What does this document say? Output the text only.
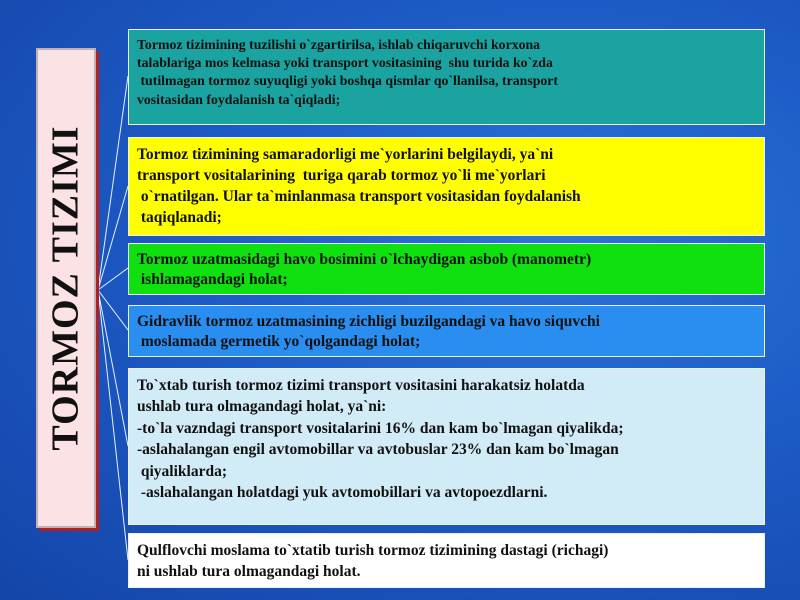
TORMOZ TIZIMI
Tormoz tizimining tuzilishi o`zgartirilsa, ishlab chiqaruvchi korxona
talablariga mos kelmasa yoki transport vositasining  shu turida ko`zda
tutilmagan tormoz suyuqligi yoki boshqa qismlar qo`llanilsa, transport
vositasidan foydalanish ta`qiqladi;
Tormoz tizimining samaradorligi me`yorlarini belgilaydi, ya`ni
transport vositalarining  turiga qarab tormoz yo`li me`yorlari
o`rnatilgan. Ular ta`minlanmasa transport vositasidan foydalanish
taqiqlanadi;
Tormoz uzatmasidagi havo bosimini o`lchaydigan asbob (manometr)
ishlamagandagi holat;
Gidravlik tormoz uzatmasining zichligi buzilgandagi va havo siquvchi
moslamada germetik yo`qolgandagi holat;
To`xtab turish tormoz tizimi transport vositasini harakatsiz holatda
ushlab tura olmagandagi holat, ya`ni:
-to`la vazndagi transport vositalarini 16% dan kam bo`lmagan qiyalikda;
-aslahalangan engil avtomobillar va avtobuslar 23% dan kam bo`lmagan
qiyaliklarda;
-aslahalangan holatdagi yuk avtomobillari va avtopoezdlarni.
Qulflovchi moslama to`xtatib turish tormoz tizimining dastagi (richagi)
ni ushlab tura olmagandagi holat.
